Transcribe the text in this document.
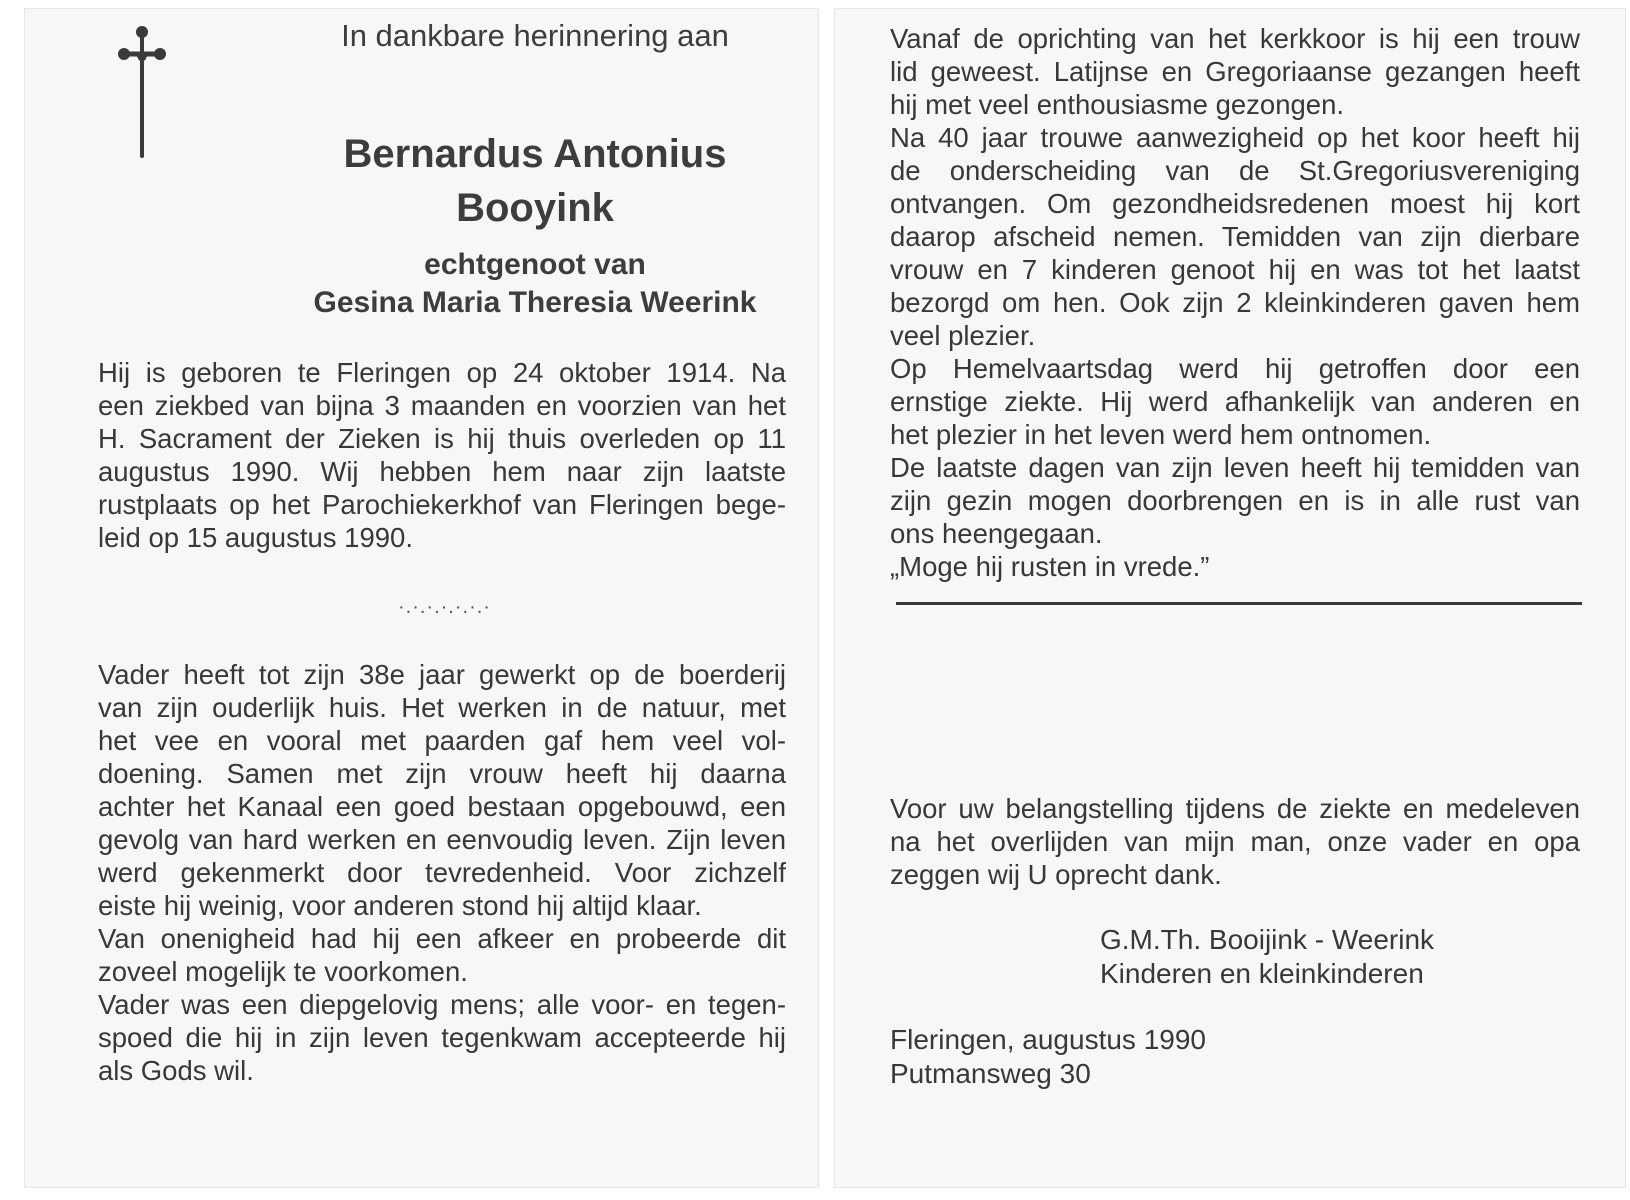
In dankbare herinnering aan
Bernardus Antonius
Booyink
echtgenoot van
Gesina Maria Theresia Weerink
Hij is geboren te Fleringen op 24 oktober 1914. Na
een ziekbed van bijna 3 maanden en voorzien van het
H. Sacrament der Zieken is hij thuis overleden op 11
augustus 1990. Wij hebben hem naar zijn laatste
rustplaats op het Parochiekerkhof van Fleringen bege-
leid op 15 augustus 1990.
·.·.·.·.·.·.·
Vader heeft tot zijn 38e jaar gewerkt op de boerderij
van zijn ouderlijk huis. Het werken in de natuur, met
het vee en vooral met paarden gaf hem veel vol-
doening. Samen met zijn vrouw heeft hij daarna
achter het Kanaal een goed bestaan opgebouwd, een
gevolg van hard werken en eenvoudig leven. Zijn leven
werd gekenmerkt door tevredenheid. Voor zichzelf
eiste hij weinig, voor anderen stond hij altijd klaar.
Van onenigheid had hij een afkeer en probeerde dit
zoveel mogelijk te voorkomen.
Vader was een diepgelovig mens; alle voor- en tegen-
spoed die hij in zijn leven tegenkwam accepteerde hij
als Gods wil.
Vanaf de oprichting van het kerkkoor is hij een trouw
lid geweest. Latijnse en Gregoriaanse gezangen heeft
hij met veel enthousiasme gezongen.
Na 40 jaar trouwe aanwezigheid op het koor heeft hij
de onderscheiding van de St.Gregoriusvereniging
ontvangen. Om gezondheidsredenen moest hij kort
daarop afscheid nemen. Temidden van zijn dierbare
vrouw en 7 kinderen genoot hij en was tot het laatst
bezorgd om hen. Ook zijn 2 kleinkinderen gaven hem
veel plezier.
Op Hemelvaartsdag werd hij getroffen door een
ernstige ziekte. Hij werd afhankelijk van anderen en
het plezier in het leven werd hem ontnomen.
De laatste dagen van zijn leven heeft hij temidden van
zijn gezin mogen doorbrengen en is in alle rust van
ons heengegaan.
„Moge hij rusten in vrede.”
Voor uw belangstelling tijdens de ziekte en medeleven
na het overlijden van mijn man, onze vader en opa
zeggen wij U oprecht dank.
G.M.Th. Booijink - Weerink
Kinderen en kleinkinderen
Fleringen, augustus 1990
Putmansweg 30
